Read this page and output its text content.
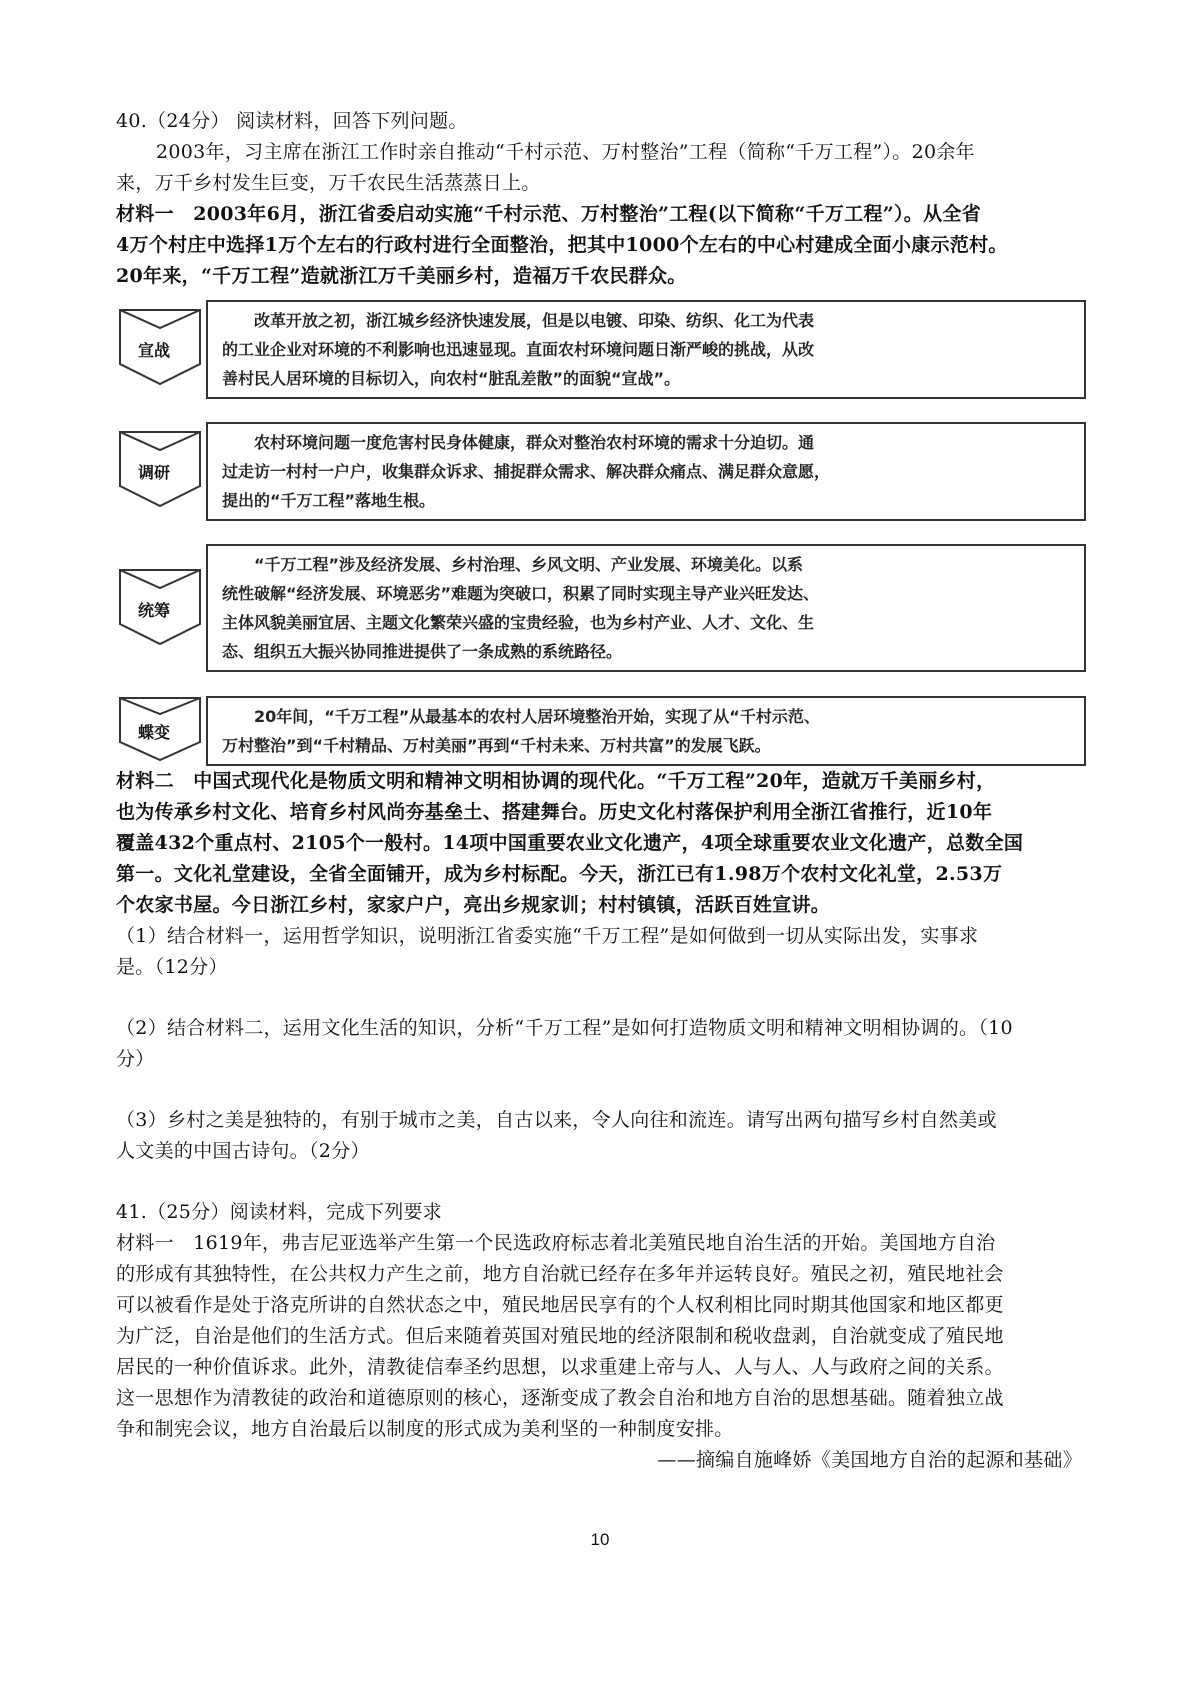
40.（24分） 阅读材料，回答下列问题。
2003年，习主席在浙江工作时亲自推动“千村示范、万村整治”工程（简称“千万工程”）。20余年
来，万千乡村发生巨变，万千农民生活蒸蒸日上。
材料一　2003年6月，浙江省委启动实施“千村示范、万村整治”工程(以下简称“千万工程”）。从全省
4万个村庄中选择1万个左右的行政村进行全面整治，把其中1000个左右的中心村建成全面小康示范村。
20年来，“千万工程”造就浙江万千美丽乡村，造福万千农民群众。
宣战
改革开放之初，浙江城乡经济快速发展，但是以电镀、印染、纺织、化工为代表
的工业企业对环境的不利影响也迅速显现。直面农村环境问题日渐严峻的挑战，从改
善村民人居环境的目标切入，向农村“脏乱差散”的面貌“宣战”。
调研
农村环境问题一度危害村民身体健康，群众对整治农村环境的需求十分迫切。通
过走访一村村一户户，收集群众诉求、捕捉群众需求、解决群众痛点、满足群众意愿，
提出的“千万工程”落地生根。
统筹
“千万工程”涉及经济发展、乡村治理、乡风文明、产业发展、环境美化。以系
统性破解“经济发展、环境恶劣”难题为突破口，积累了同时实现主导产业兴旺发达、
主体风貌美丽宜居、主题文化繁荣兴盛的宝贵经验，也为乡村产业、人才、文化、生
态、组织五大振兴协同推进提供了一条成熟的系统路径。
蝶变
20年间，“千万工程”从最基本的农村人居环境整治开始，实现了从“千村示范、
万村整治”到“千村精品、万村美丽”再到“千村未来、万村共富”的发展飞跃。
材料二　中国式现代化是物质文明和精神文明相协调的现代化。“千万工程”20年，造就万千美丽乡村，
也为传承乡村文化、培育乡村风尚夯基垒土、搭建舞台。历史文化村落保护利用全浙江省推行，近10年
覆盖432个重点村、2105个一般村。14项中国重要农业文化遗产，4项全球重要农业文化遗产，总数全国
第一。文化礼堂建设，全省全面铺开，成为乡村标配。今天，浙江已有1.98万个农村文化礼堂，2.53万
个农家书屋。今日浙江乡村，家家户户，亮出乡规家训；村村镇镇，活跃百姓宣讲。
（1）结合材料一，运用哲学知识，说明浙江省委实施“千万工程”是如何做到一切从实际出发，实事求
是。（12分）
（2）结合材料二，运用文化生活的知识，分析“千万工程”是如何打造物质文明和精神文明相协调的。（10
分）
（3）乡村之美是独特的，有别于城市之美，自古以来，令人向往和流连。请写出两句描写乡村自然美或
人文美的中国古诗句。（2分）
41.（25分）阅读材料，完成下列要求
材料一　1619年，弗吉尼亚选举产生第一个民选政府标志着北美殖民地自治生活的开始。美国地方自治
的形成有其独特性，在公共权力产生之前，地方自治就已经存在多年并运转良好。殖民之初，殖民地社会
可以被看作是处于洛克所讲的自然状态之中，殖民地居民享有的个人权利相比同时期其他国家和地区都更
为广泛，自治是他们的生活方式。但后来随着英国对殖民地的经济限制和税收盘剥，自治就变成了殖民地
居民的一种价值诉求。此外，清教徒信奉圣约思想，以求重建上帝与人、人与人、人与政府之间的关系。
这一思想作为清教徒的政治和道德原则的核心，逐渐变成了教会自治和地方自治的思想基础。随着独立战
争和制宪会议，地方自治最后以制度的形式成为美利坚的一种制度安排。
——摘编自施峰娇《美国地方自治的起源和基础》
10
